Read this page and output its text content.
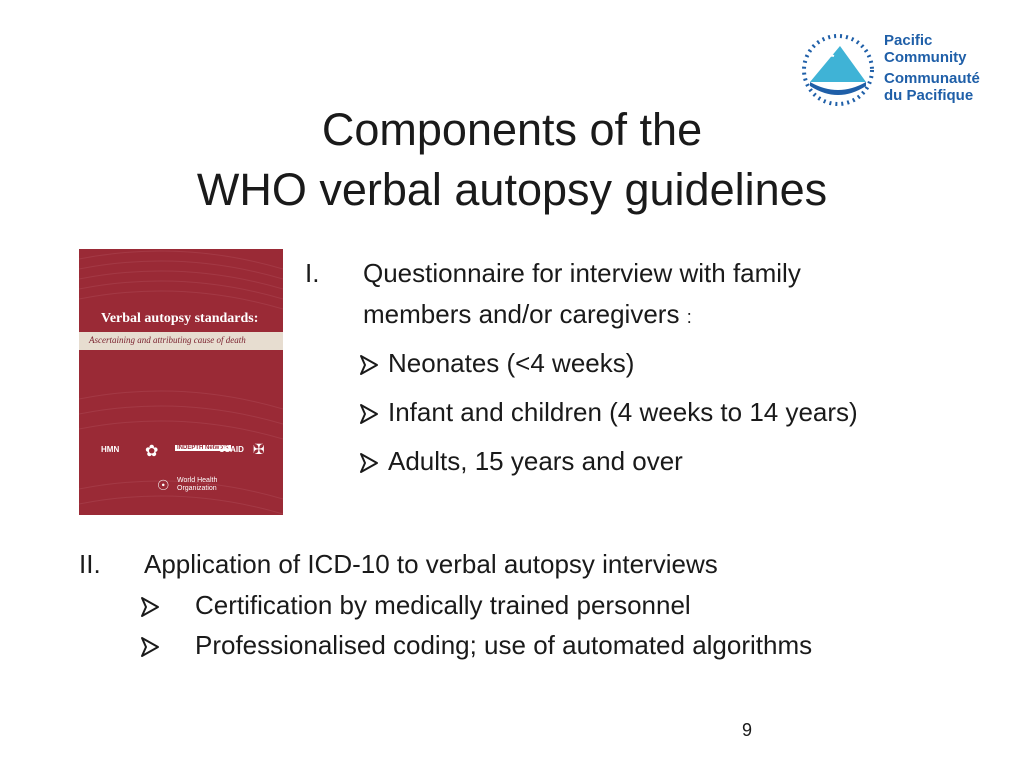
Pacific
Community
Communauté
du Pacifique
Components of the
WHO verbal autopsy guidelines
Verbal autopsy standards:
Ascertaining and attributing cause of death
HMN ✿	INDEPTH Network
USAID ✠
☉ World Health Organization
I. Questionnaire for interview with family
members and/or caregivers :
Neonates (<4 weeks)
Infant and children (4 weeks to 14 years)
Adults, 15 years and over
II. Application of ICD-10 to verbal autopsy interviews
Certification by medically trained personnel
Professionalised coding; use of automated algorithms
9
